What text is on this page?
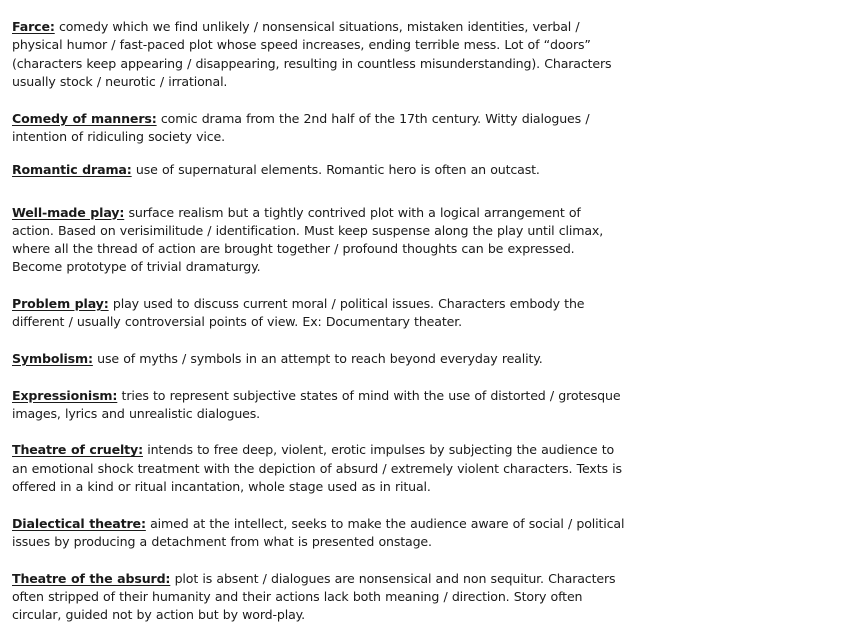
Farce: comedy which we find unlikely / nonsensical situations, mistaken identities, verbal / physical humor / fast-paced plot whose speed increases, ending terrible mess. Lot of “doors” (characters keep appearing / disappearing, resulting in countless misunderstanding). Characters usually stock / neurotic / irrational.

Comedy of manners: comic drama from the 2nd half of the 17th century. Witty dialogues / intention of ridiculing society vice.

Romantic drama: use of supernatural elements. Romantic hero is often an outcast.

Well-made play: surface realism but a tightly contrived plot with a logical arrangement of action. Based on verisimilitude / identification. Must keep suspense along the play until climax, where all the thread of action are brought together / profound thoughts can be expressed. Become prototype of trivial dramaturgy.

Problem play: play used to discuss current moral / political issues. Characters embody the different / usually controversial points of view. Ex: Documentary theater.

Symbolism: use of myths / symbols in an attempt to reach beyond everyday reality.

Expressionism: tries to represent subjective states of mind with the use of distorted / grotesque images, lyrics and unrealistic dialogues.

Theatre of cruelty: intends to free deep, violent, erotic impulses by subjecting the audience to an emotional shock treatment with the depiction of absurd / extremely violent characters. Texts is offered in a kind or ritual incantation, whole stage used as in ritual.

Dialectical theatre: aimed at the intellect, seeks to make the audience aware of social / political issues by producing a detachment from what is presented onstage.

Theatre of the absurd: plot is absent / dialogues are nonsensical and non sequitur. Characters often stripped of their humanity and their actions lack both meaning / direction. Story often circular, guided not by action but by word-play.
